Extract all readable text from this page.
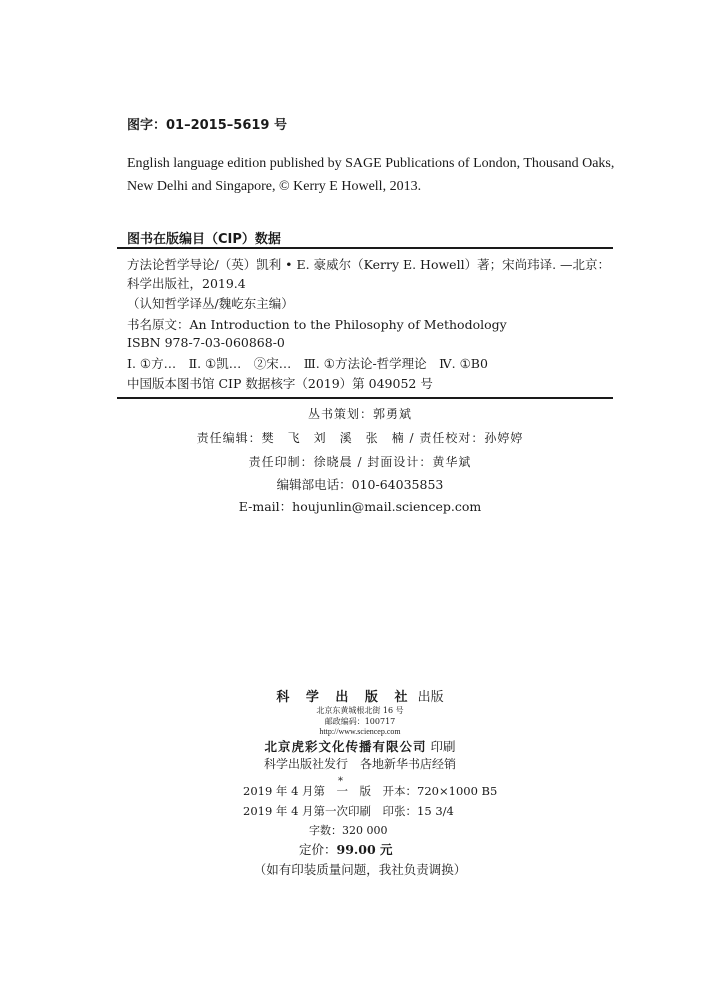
图字：01–2015–5619 号
English language edition published by SAGE Publications of London, Thousand Oaks,
New Delhi and Singapore, © Kerry E Howell, 2013.
图书在版编目（CIP）数据
方法论哲学导论/（英）凯利 • E. 豪威尔（Kerry E. Howell）著；宋尚玮译. —北京：
科学出版社，2019.4
（认知哲学译丛/魏屹东主编）
书名原文：An Introduction to the Philosophy of Methodology
ISBN 978-7-03-060868-0
Ⅰ. ①方…　Ⅱ. ①凯…　②宋…　Ⅲ. ①方法论-哲学理论　Ⅳ. ①B0
中国版本图书馆 CIP 数据核字（2019）第 049052 号
丛书策划：郭勇斌
责任编辑：樊　飞　刘　溪　张　楠 / 责任校对：孙婷婷
责任印制：徐晓晨 / 封面设计：黄华斌
编辑部电话：010-64035853
E-mail：houjunlin@mail.sciencep.com
科 学 出 版 社 出版
北京东黄城根北街 16 号
邮政编码：100717
http://www.sciencep.com
北京虎彩文化传播有限公司 印刷
科学出版社发行　各地新华书店经销
*
2019 年 4 月第　一　版　开本：720×1000 B5
2019 年 4 月第一次印刷　印张：15 3/4
字数：320 000
定价：99.00 元
（如有印装质量问题，我社负责调换）
